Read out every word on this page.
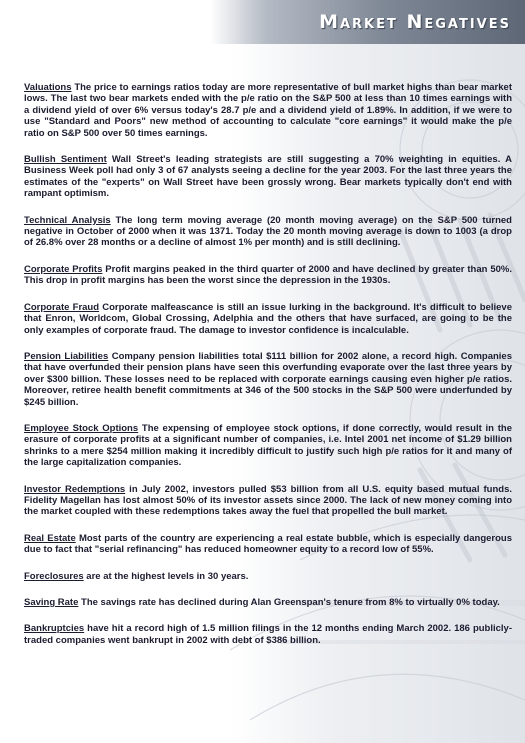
Market Negatives

Valuations The price to earnings ratios today are more representative of bull market highs than bear market lows. The last two bear markets ended with the p/e ratio on the S&P 500 at less than 10 times earnings with a dividend yield of over 6% versus today's 28.7 p/e and a dividend yield of 1.89%. In addition, if we were to use "Standard and Poors" new method of accounting to calculate "core earnings" it would make the p/e ratio on S&P 500 over 50 times earnings.

Bullish Sentiment Wall Street's leading strategists are still suggesting a 70% weighting in equities. A Business Week poll had only 3 of 67 analysts seeing a decline for the year 2003. For the last three years the estimates of the "experts" on Wall Street have been grossly wrong. Bear markets typically don't end with rampant optimism.

Technical Analysis The long term moving average (20 month moving average) on the S&P 500 turned negative in October of 2000 when it was 1371. Today the 20 month moving average is down to 1003 (a drop of 26.8% over 28 months or a decline of almost 1% per month) and is still declining.

Corporate Profits Profit margins peaked in the third quarter of 2000 and have declined by greater than 50%. This drop in profit margins has been the worst since the depression in the 1930s.

Corporate Fraud Corporate malfeascance is still an issue lurking in the background. It's difficult to believe that Enron, Worldcom, Global Crossing, Adelphia and the others that have surfaced, are going to be the only examples of corporate fraud. The damage to investor confidence is incalculable.

Pension Liabilities Company pension liabilities total $111 billion for 2002 alone, a record high. Companies that have overfunded their pension plans have seen this overfunding evaporate over the last three years by over $300 billion. These losses need to be replaced with corporate earnings causing even higher p/e ratios. Moreover, retiree health benefit commitments at 346 of the 500 stocks in the S&P 500 were underfunded by $245 billion.

Employee Stock Options The expensing of employee stock options, if done correctly, would result in the erasure of corporate profits at a significant number of companies, i.e. Intel 2001 net income of $1.29 billion shrinks to a mere $254 million making it incredibly difficult to justify such high p/e ratios for it and many of the large capitalization companies.

Investor Redemptions in July 2002, investors pulled $53 billion from all U.S. equity based mutual funds. Fidelity Magellan has lost almost 50% of its investor assets since 2000. The lack of new money coming into the market coupled with these redemptions takes away the fuel that propelled the bull market.

Real Estate Most parts of the country are experiencing a real estate bubble, which is especially dangerous due to fact that "serial refinancing" has reduced homeowner equity to a record low of 55%.

Foreclosures are at the highest levels in 30 years.

Saving Rate The savings rate has declined during Alan Greenspan's tenure from 8% to virtually 0% today.

Bankruptcies have hit a record high of 1.5 million filings in the 12 months ending March 2002. 186 publicly-traded companies went bankrupt in 2002 with debt of $386 billion.
